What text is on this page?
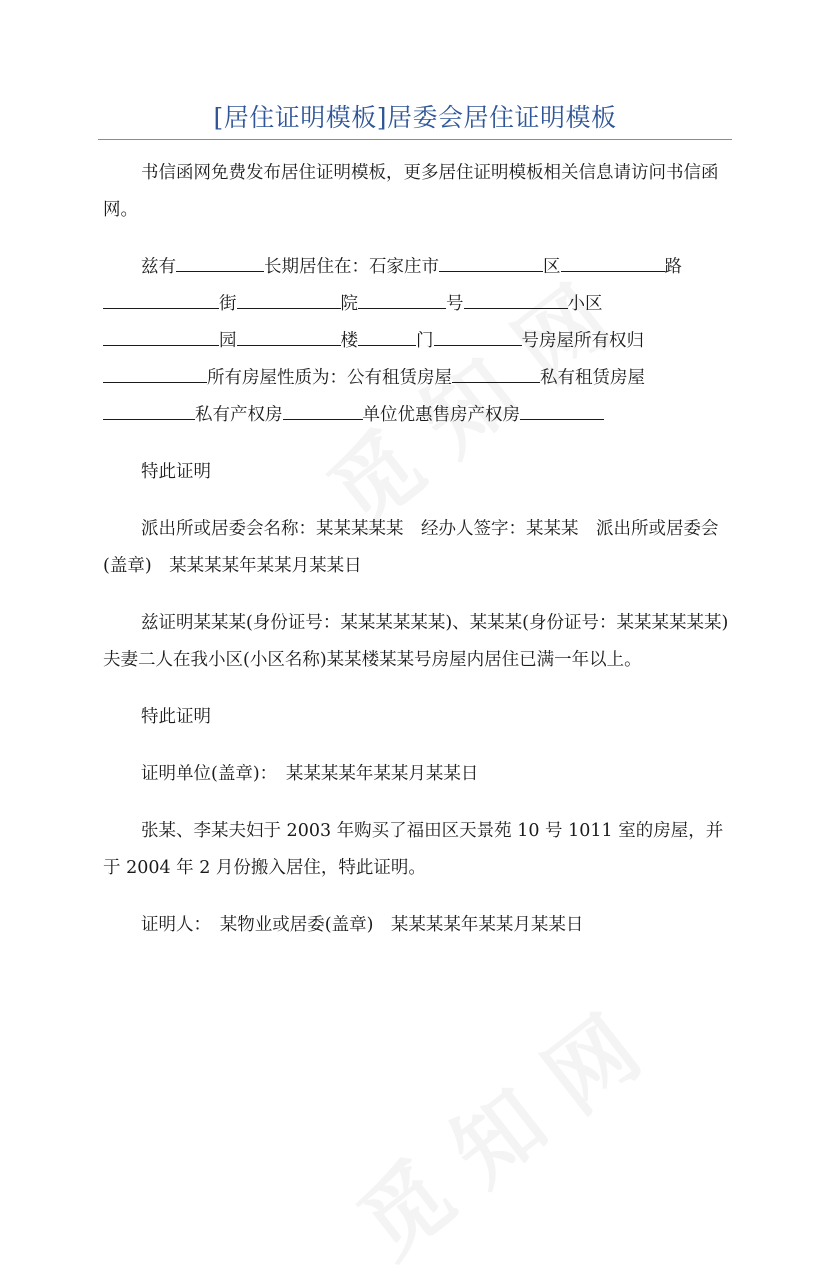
[居住证明模板]居委会居住证明模板

书信函网免费发布居住证明模板，更多居住证明模板相关信息请访问书信函网。

兹有	长期居住在：石家庄市	区	路
街	院	号	小区
园	楼	门	号房屋所有权归
所有房屋性质为：公有租赁房屋	私有租赁房屋
私有产权房	单位优惠售房产权房

特此证明

派出所或居委会名称：某某某某某　经办人签字：某某某　派出所或居委会　(盖章)　某某某某年某某月某某日

兹证明某某某(身份证号：某某某某某某)、某某某(身份证号：某某某某某某)夫妻二人在我小区(小区名称)某某楼某某号房屋内居住已满一年以上。

特此证明

证明单位(盖章)：　某某某某年某某月某某日

张某、李某夫妇于 2003 年购买了福田区天景苑 10 号 1011 室的房屋，并于 2004 年 2 月份搬入居住，特此证明。

证明人：　某物业或居委(盖章)　某某某某年某某月某某日
